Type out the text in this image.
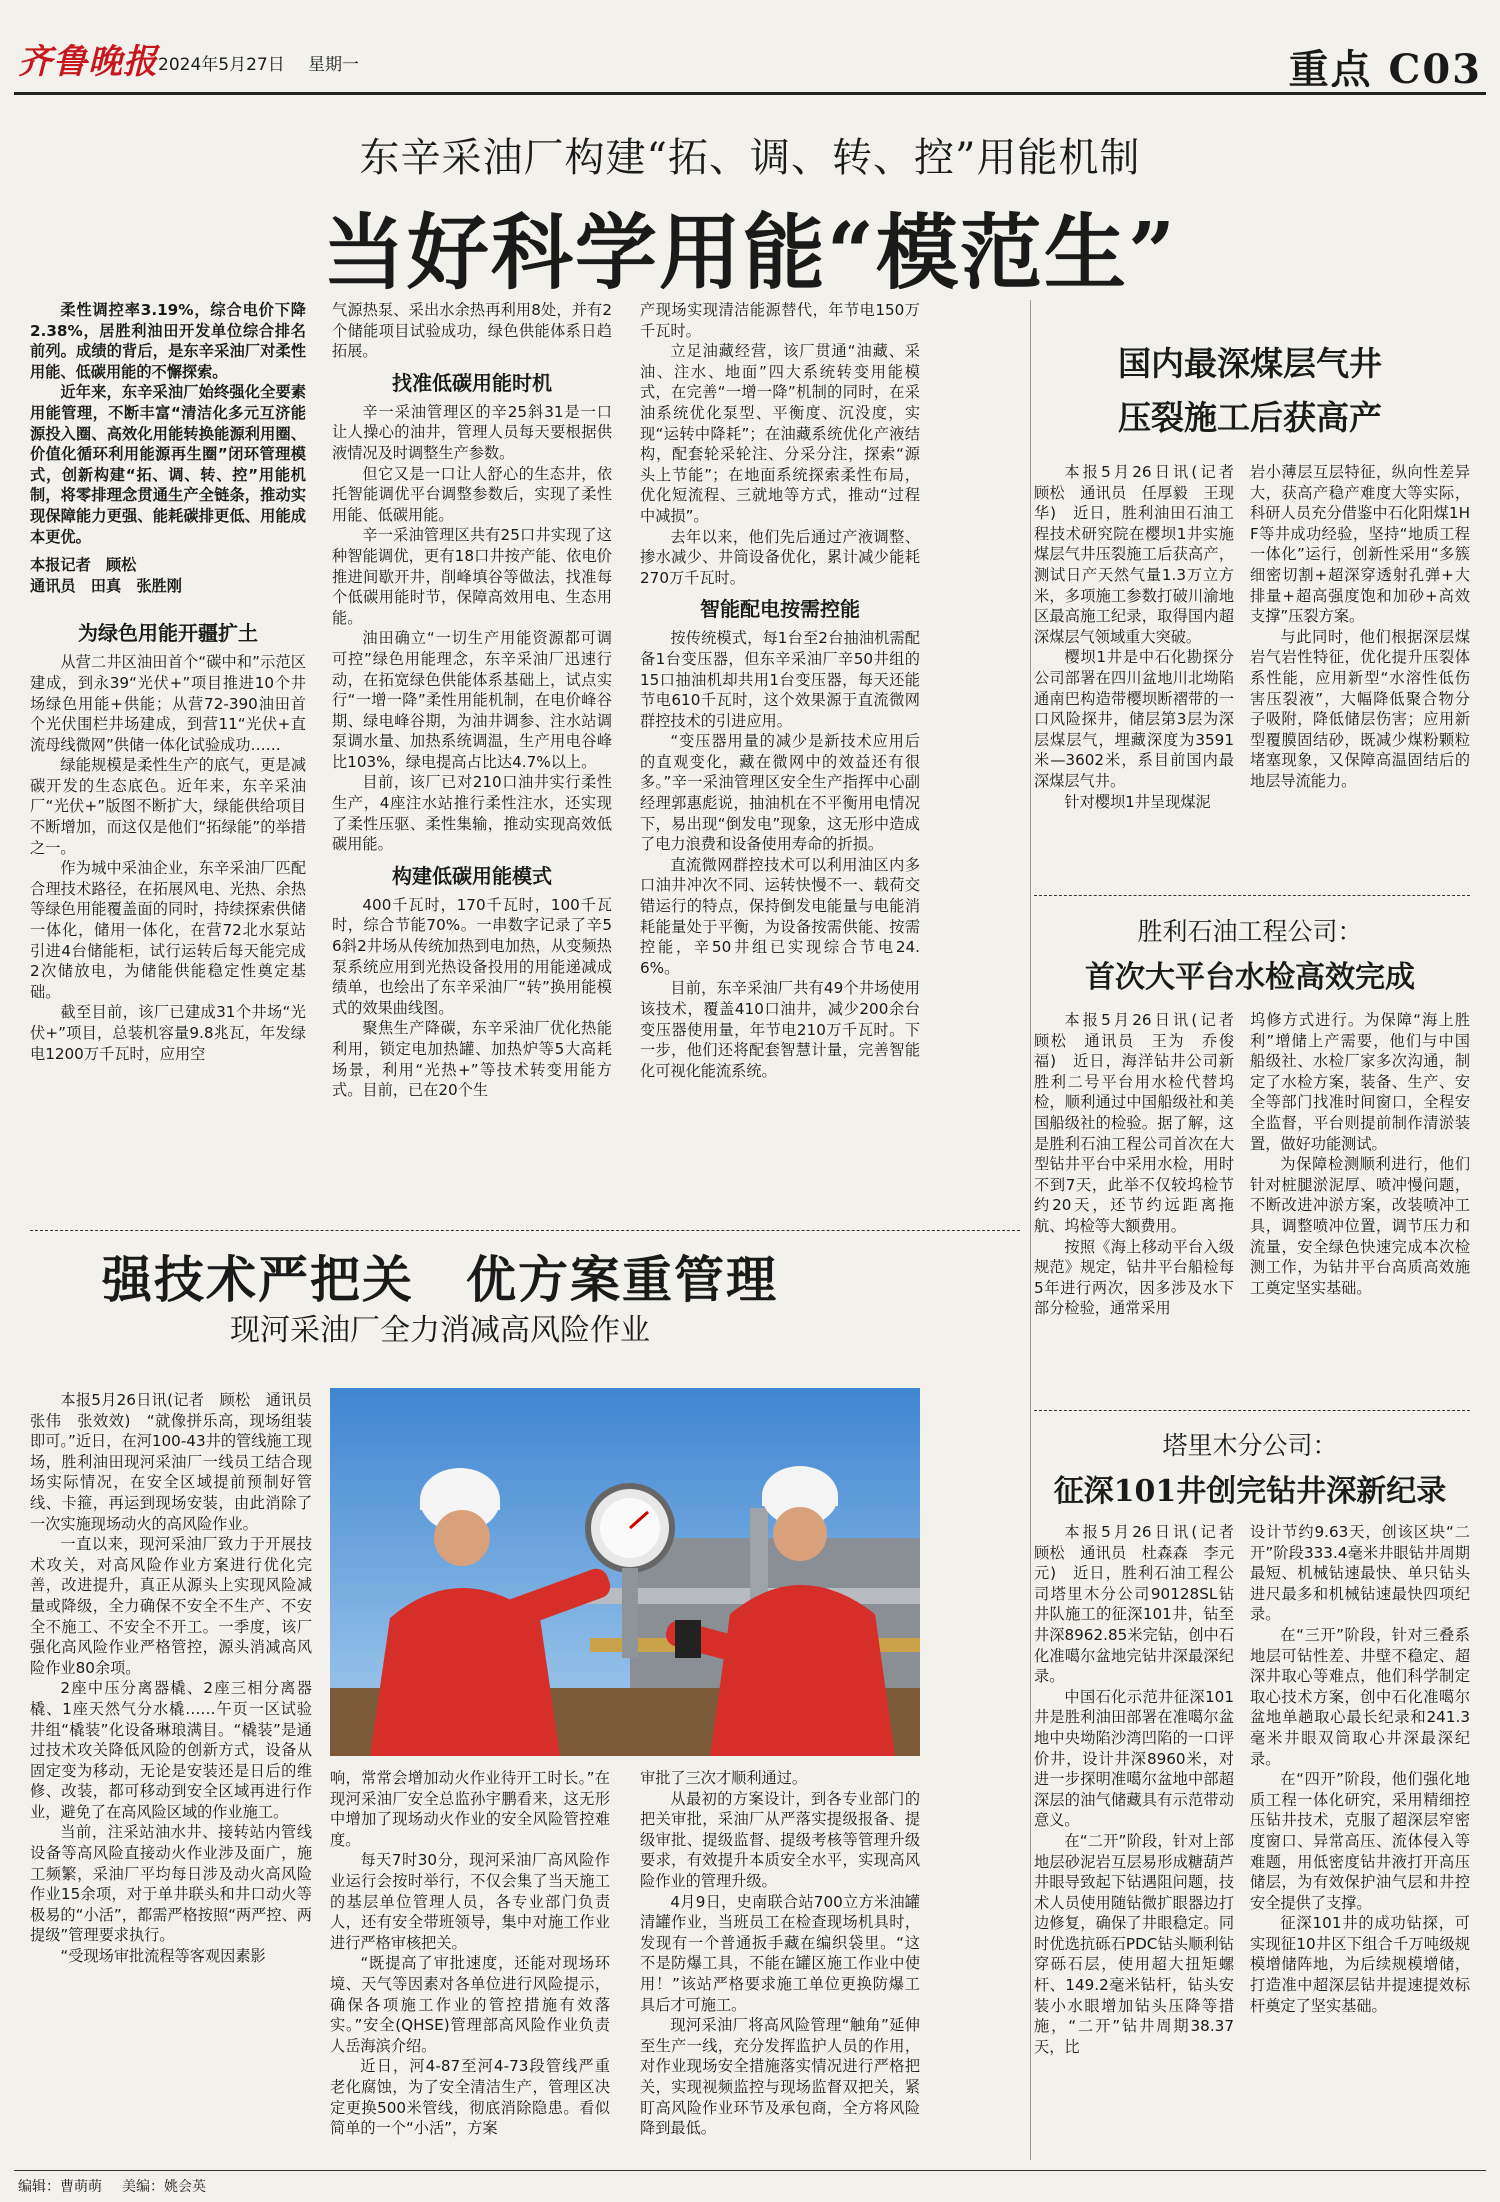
齐鲁晚报 2024年5月27日 星期一	重点 C03
东辛采油厂构建“拓、调、转、控”用能机制
当好科学用能“模范生”
柔性调控率3.19%，综合电价下降2.38%，居胜利油田开发单位综合排名前列。成绩的背后，是东辛采油厂对柔性用能、低碳用能的不懈探索。
近年来，东辛采油厂始终强化全要素用能管理，不断丰富“清洁化多元互济能源投入圈、高效化用能转换能源利用圈、价值化循环利用能源再生圈”闭环管理模式，创新构建“拓、调、转、控”用能机制，将零排理念贯通生产全链条，推动实现保障能力更强、能耗碳排更低、用能成本更优。
本报记者　顾松
通讯员　田真　张胜刚
为绿色用能开疆扩土
从营二井区油田首个“碳中和”示范区建成，到永39“光伏+”项目推进10个井场绿色用能+供能；从营72-390油田首个光伏围栏井场建成，到营11“光伏+直流母线微网”供储一体化试验成功……
绿能规模是柔性生产的底气，更是减碳开发的生态底色。近年来，东辛采油厂“光伏+”版图不断扩大，绿能供给项目不断增加，而这仅是他们“拓绿能”的举措之一。
作为城中采油企业，东辛采油厂匹配合理技术路径，在拓展风电、光热、余热等绿色用能覆盖面的同时，持续探索供储一体化，储用一体化，在营72北水泵站引进4台储能柜，试行运转后每天能完成2次储放电，为储能供能稳定性奠定基础。
截至目前，该厂已建成31个井场“光伏+”项目，总装机容量9.8兆瓦，年发绿电1200万千瓦时，应用空
气源热泵、采出水余热再利用8处，并有2个储能项目试验成功，绿色供能体系日趋拓展。
找准低碳用能时机
辛一采油管理区的辛25斜31是一口让人操心的油井，管理人员每天要根据供液情况及时调整生产参数。
但它又是一口让人舒心的生态井，依托智能调优平台调整参数后，实现了柔性用能、低碳用能。
辛一采油管理区共有25口井实现了这种智能调优，更有18口井按产能、依电价推进间歇开井，削峰填谷等做法，找准每个低碳用能时节，保障高效用电、生态用能。
油田确立“一切生产用能资源都可调可控”绿色用能理念，东辛采油厂迅速行动，在拓宽绿色供能体系基础上，试点实行“一增一降”柔性用能机制，在电价峰谷期、绿电峰谷期，为油井调参、注水站调泵调水量、加热系统调温，生产用电谷峰比103%，绿电提高占比达4.7%以上。
目前，该厂已对210口油井实行柔性生产，4座注水站推行柔性注水，还实现了柔性压驱、柔性集输，推动实现高效低碳用能。
构建低碳用能模式
400千瓦时，170千瓦时，100千瓦时，综合节能70%。一串数字记录了辛56斜2井场从传统加热到电加热，从变频热泵系统应用到光热设备投用的用能递减成绩单，也绘出了东辛采油厂“转”换用能模式的效果曲线图。
聚焦生产降碳，东辛采油厂优化热能利用，锁定电加热罐、加热炉等5大高耗场景，利用“光热+”等技术转变用能方式。目前，已在20个生
产现场实现清洁能源替代，年节电150万千瓦时。
立足油藏经营，该厂贯通“油藏、采油、注水、地面”四大系统转变用能模式，在完善“一增一降”机制的同时，在采油系统优化泵型、平衡度、沉没度，实现“运转中降耗”；在油藏系统优化产液结构，配套轮采轮注、分采分注，探索“源头上节能”；在地面系统探索柔性布局，优化短流程、三就地等方式，推动“过程中减损”。
去年以来，他们先后通过产液调整、掺水减少、井筒设备优化，累计减少能耗270万千瓦时。
智能配电按需控能
按传统模式，每1台至2台抽油机需配备1台变压器，但东辛采油厂辛50井组的15口抽油机却共用1台变压器，每天还能节电610千瓦时，这个效果源于直流微网群控技术的引进应用。
“变压器用量的减少是新技术应用后的直观变化，藏在微网中的效益还有很多。”辛一采油管理区安全生产指挥中心副经理郭惠彪说，抽油机在不平衡用电情况下，易出现“倒发电”现象，这无形中造成了电力浪费和设备使用寿命的折损。
直流微网群控技术可以利用油区内多口油井冲次不同、运转快慢不一、载荷交错运行的特点，保持倒发电能量与电能消耗能量处于平衡，为设备按需供能、按需控能，辛50井组已实现综合节电24.6%。
目前，东辛采油厂共有49个井场使用该技术，覆盖410口油井，减少200余台变压器使用量，年节电210万千瓦时。下一步，他们还将配套智慧计量，完善智能化可视化能流系统。
国内最深煤层气井
压裂施工后获高产
本报5月26日讯(记者　顾松　通讯员　任厚毅　王现华)　近日，胜利油田石油工程技术研究院在樱坝1井实施煤层气井压裂施工后获高产，测试日产天然气量1.3万立方米，多项施工参数打破川渝地区最高施工纪录，取得国内超深煤层气领域重大突破。
樱坝1井是中石化勘探分公司部署在四川盆地川北坳陷通南巴构造带樱坝断褶带的一口风险探井，储层第3层为深层煤层气，埋藏深度为3591米—3602米，系目前国内最深煤层气井。
针对樱坝1井呈现煤泥
岩小薄层互层特征，纵向性差异大，获高产稳产难度大等实际，科研人员充分借鉴中石化阳煤1HF等井成功经验，坚持“地质工程一体化”运行，创新性采用“多簇细密切割+超深穿透射孔弹+大排量+超高强度饱和加砂+高效支撑”压裂方案。
与此同时，他们根据深层煤岩气岩性特征，优化提升压裂体系性能，应用新型“水溶性低伤害压裂液”，大幅降低聚合物分子吸附，降低储层伤害；应用新型覆膜固结砂，既减少煤粉颗粒堵塞现象，又保障高温固结后的地层导流能力。
胜利石油工程公司：
首次大平台水检高效完成
本报5月26日讯(记者　顾松　通讯员　王为　乔俊福)　近日，海洋钻井公司新胜利二号平台用水检代替坞检，顺利通过中国船级社和美国船级社的检验。据了解，这是胜利石油工程公司首次在大型钻井平台中采用水检，用时不到7天，此举不仅较坞检节约20天，还节约远距离拖航、坞检等大额费用。
按照《海上移动平台入级规范》规定，钻井平台船检每5年进行两次，因多涉及水下部分检验，通常采用
坞修方式进行。为保障“海上胜利”增储上产需要，他们与中国船级社、水检厂家多次沟通，制定了水检方案，装备、生产、安全等部门找准时间窗口，全程安全监督，平台则提前制作清淤装置，做好功能测试。
为保障检测顺利进行，他们针对桩腿淤泥厚、喷冲慢问题，不断改进冲淤方案，改装喷冲工具，调整喷冲位置，调节压力和流量，安全绿色快速完成本次检测工作，为钻井平台高质高效施工奠定坚实基础。
塔里木分公司：
征深101井创完钻井深新纪录
本报5月26日讯(记者　顾松　通讯员　杜森森　李元元)　近日，胜利石油工程公司塔里木分公司90128SL钻井队施工的征深101井，钻至井深8962.85米完钻，创中石化准噶尔盆地完钻井深最深纪录。
中国石化示范井征深101井是胜利油田部署在准噶尔盆地中央坳陷沙湾凹陷的一口评价井，设计井深8960米，对进一步探明准噶尔盆地中部超深层的油气储藏具有示范带动意义。
在“二开”阶段，针对上部地层砂泥岩互层易形成糖葫芦井眼导致起下钻遇阻问题，技术人员使用随钻微扩眼器边打边修复，确保了井眼稳定。同时优选抗砾石PDC钻头顺利钻穿砾石层，使用超大扭矩螺杆、149.2毫米钻杆，钻头安装小水眼增加钻头压降等措施，“二开”钻井周期38.37天，比
设计节约9.63天，创该区块“二开”阶段333.4毫米井眼钻井周期最短、机械钻速最快、单只钻头进尺最多和机械钻速最快四项纪录。
在“三开”阶段，针对三叠系地层可钻性差、井壁不稳定、超深井取心等难点，他们科学制定取心技术方案，创中石化准噶尔盆地单趟取心最长纪录和241.3毫米井眼双筒取心井深最深纪录。
在“四开”阶段，他们强化地质工程一体化研究，采用精细控压钻井技术，克服了超深层窄密度窗口、异常高压、流体侵入等难题，用低密度钻井液打开高压储层，为有效保护油气层和井控安全提供了支撑。
征深101井的成功钻探，可实现征10井区下组合千万吨级规模增储阵地，为后续规模增储，打造准中超深层钻井提速提效标杆奠定了坚实基础。
强技术严把关　优方案重管理
现河采油厂全力消减高风险作业
本报5月26日讯(记者　顾松　通讯员　张伟　张效效)　“就像拼乐高，现场组装即可。”近日，在河100-43井的管线施工现场，胜利油田现河采油厂一线员工结合现场实际情况，在安全区域提前预制好管线、卡箍，再运到现场安装，由此消除了一次实施现场动火的高风险作业。
一直以来，现河采油厂致力于开展技术攻关，对高风险作业方案进行优化完善，改进提升，真正从源头上实现风险减量或降级，全力确保不安全不生产、不安全不施工、不安全不开工。一季度，该厂强化高风险作业严格管控，源头消减高风险作业80余项。
2座中压分离器橇、2座三相分离器橇、1座天然气分水橇……午页一区试验井组“橇装”化设备琳琅满目。“橇装”是通过技术攻关降低风险的创新方式，设备从固定变为移动，无论是安装还是日后的维修、改装，都可移动到安全区域再进行作业，避免了在高风险区域的作业施工。
当前，注采站油水井、接转站内管线设备等高风险直接动火作业涉及面广，施工频繁，采油厂平均每日涉及动火高风险作业15余项，对于单井联头和井口动火等极易的“小活”，都需严格按照“两严控、两提级”管理要求执行。
“受现场审批流程等客观因素影
响，常常会增加动火作业待开工时长。”在现河采油厂安全总监孙宇鹏看来，这无形中增加了现场动火作业的安全风险管控难度。
每天7时30分，现河采油厂高风险作业运行会按时举行，不仅会集了当天施工的基层单位管理人员，各专业部门负责人，还有安全带班领导，集中对施工作业进行严格审核把关。
“既提高了审批速度，还能对现场环境、天气等因素对各单位进行风险提示，确保各项施工作业的管控措施有效落实。”安全(QHSE)管理部高风险作业负责人岳海滨介绍。
近日，河4-87至河4-73段管线严重老化腐蚀，为了安全清洁生产，管理区决定更换500米管线，彻底消除隐患。看似简单的一个“小活”，方案
审批了三次才顺利通过。
从最初的方案设计，到各专业部门的把关审批，采油厂从严落实提级报备、提级审批、提级监督、提级考核等管理升级要求，有效提升本质安全水平，实现高风险作业的管理升级。
4月9日，史南联合站700立方米油罐清罐作业，当班员工在检查现场机具时，发现有一个普通扳手藏在编织袋里。“这不是防爆工具，不能在罐区施工作业中使用！”该站严格要求施工单位更换防爆工具后才可施工。
现河采油厂将高风险管理“触角”延伸至生产一线，充分发挥监护人员的作用，对作业现场安全措施落实情况进行严格把关，实现视频监控与现场监督双把关，紧盯高风险作业环节及承包商，全方将风险降到最低。
编辑：曹萌萌 美编：姚会英
